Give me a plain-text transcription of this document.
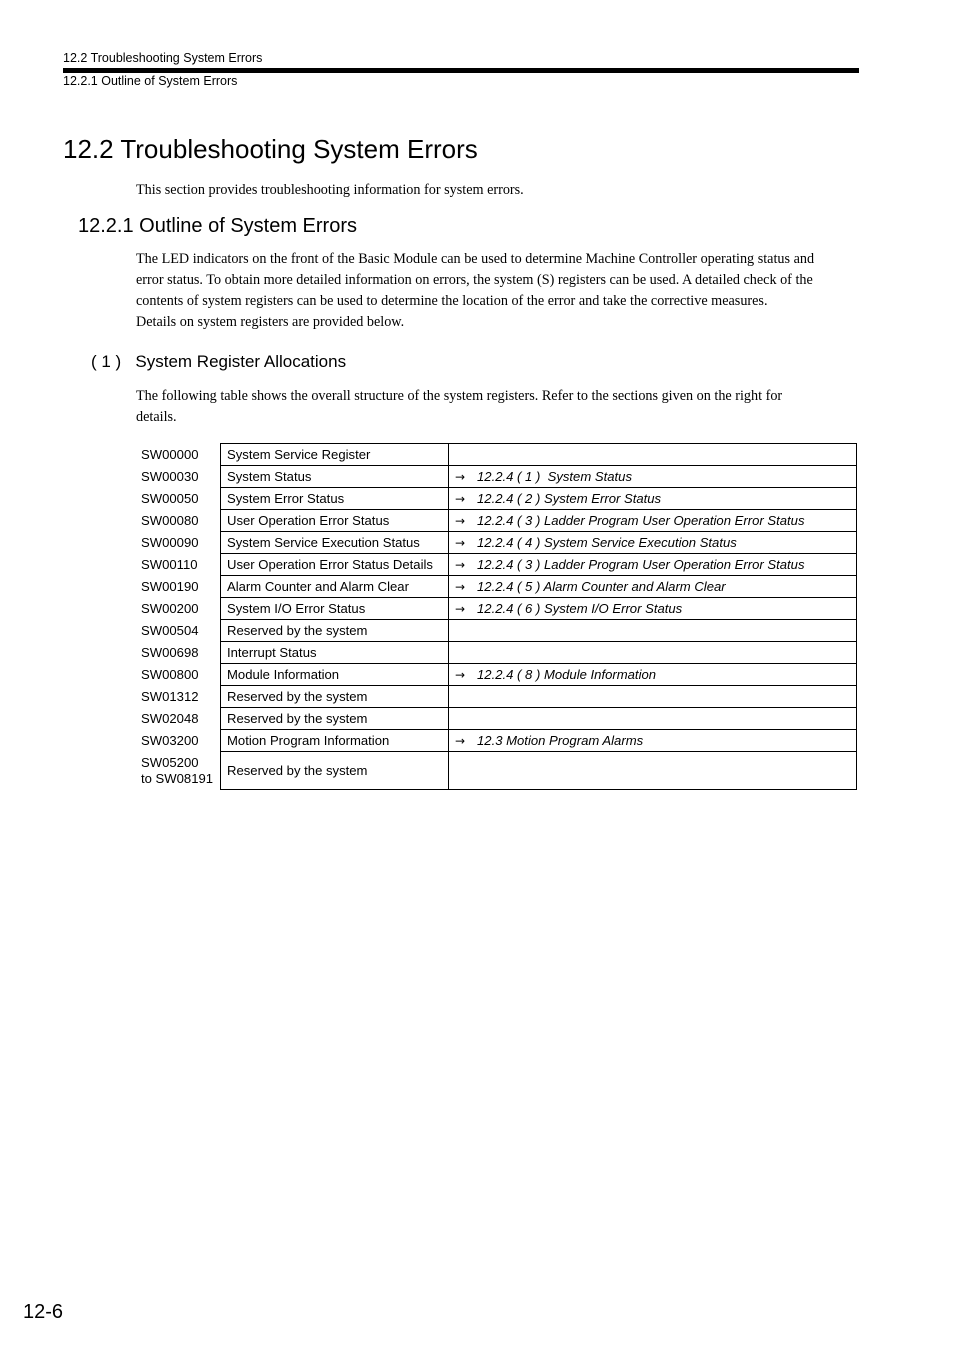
12.2 Troubleshooting System Errors
12.2.1 Outline of System Errors
12.2 Troubleshooting System Errors
This section provides troubleshooting information for system errors.
12.2.1 Outline of System Errors
The LED indicators on the front of the Basic Module can be used to determine Machine Controller operating status and
error status. To obtain more detailed information on errors, the system (S) registers can be used. A detailed check of the
contents of system registers can be used to determine the location of the error and take the corrective measures.
Details on system registers are provided below.
( 1 )   System Register Allocations
The following table shows the overall structure of the system registers. Refer to the sections given on the right for
details.
SW00000	System Service Register	

SW00030	System Status	→ 12.2.4 ( 1 )  System Status

SW00050	System Error Status	→ 12.2.4 ( 2 ) System Error Status

SW00080	User Operation Error Status	→ 12.2.4 ( 3 ) Ladder Program User Operation Error Status

SW00090	System Service Execution Status	→ 12.2.4 ( 4 ) System Service Execution Status

SW00110	User Operation Error Status Details	→ 12.2.4 ( 3 ) Ladder Program User Operation Error Status

SW00190	Alarm Counter and Alarm Clear	→ 12.2.4 ( 5 ) Alarm Counter and Alarm Clear

SW00200	System I/O Error Status	→ 12.2.4 ( 6 ) System I/O Error Status

SW00504	Reserved by the system	

SW00698	Interrupt Status	

SW00800	Module Information	→ 12.2.4 ( 8 ) Module Information

SW01312	Reserved by the system	

SW02048	Reserved by the system	

SW03200	Motion Program Information	→ 12.3 Motion Program Alarms

SW05200
to SW08191	Reserved by the system	
12-6
